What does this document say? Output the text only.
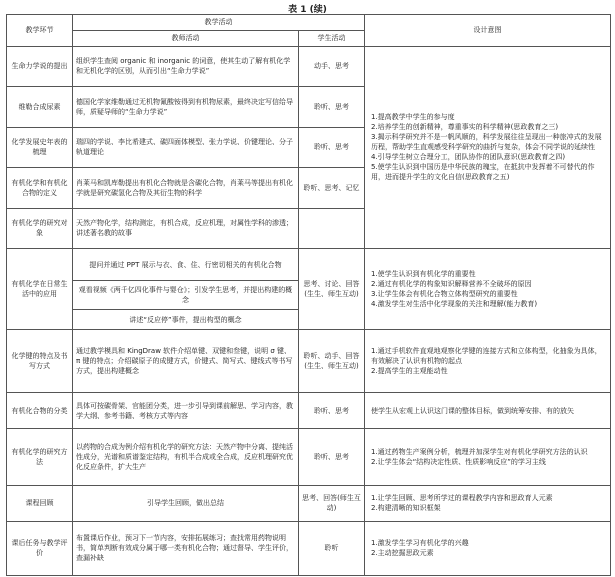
表 1 (续)
教学环节	教学活动		设计意图
	教师活动	学生活动	
生命力学说的提出	组织学生查阅 organic 和 inorganic 的词意，使其生动了解有机化学和无机化学的区别，从而引出“生命力学说”	动手、思考	1.提高教学中学生的参与度
2.培养学生的创新精神，尊重事实的科学精神(思政教育之三)
3.揭示科学研究并不是一帆风顺的，科学发展往往呈现出一种旅冲式的发展历程，帮助学生直观感受科学研究的曲折与复杂，体会不同学说的延续性
4.引导学生树立合理分工，团队协作的团队意识(思政教育之四)
5.使学生认识到中国历是中华民族的瑰宝，在抵抗中发挥着不可替代的作用，进而提升学生的文化自信(思政教育之五)

维勒合成尿素	德国化学家维勒通过无机物氰酸铵得到有机物尿素，最终决定写信给导师，质疑导师的“生命力学说”	聆听、思考	
化学发展史年表的梳理	瑞四的学说、李比希建式、碳四面体模型、张力学说、价键理论、分子轨道理论	聆听、思考	
有机化学和有机化合物的定义	肖莱马和凯库勒提出有机化合物就是含碳化合物，肖莱马等提出有机化学就是研究碳氢化合物及其衍生物的科学	聆听、思考、记忆	
有机化学的研究对象	天然产物化学，结构测定，有机合成，反应机理，对属性学科的渗透；讲述著名教的故事		
有机化学在日常生活中的应用	提问并通过 PPT 展示与衣、食、住、行密切相关的有机化合物	思考、讨论、回答(生生、师生互动)	1.使学生认识到有机化学的重要性
2.通过有机化学的构象知识解释营养不全破坏的原因
3.让学生体会有机化合物立体构型研究的重要性
4.激发学生对生活中化学现象的关注和理解(能力教育)

	观看视频《两千亿四化事件与婴仓》；引发学生思考，并提出构建的概念		
	讲述“反应停”事件，提出构型的概念		
化学键的特点及书写方式	通过教学模具和 KingDraw 软件介绍单键、双键和叁键，说明 σ 键、π 键的特点；介绍碳原子的成键方式，价键式、简写式、键线式等书写方式，提出构建概念	聆听、动手、回答(生生、师生互动)	1.通过手机软件直观地观察化学键的连接方式和立体构型，化抽象为具体，有效解决了认识有机物的起点
2.提高学生的主观能动性
有机化合物的分类	具体可按碳骨架、官能团分类，进一步引导到课前解思、学习内容，教学大纲、参考书籍、考核方式等内容	聆听、思考	使学生从宏观上认识这门课的整体目标，做到统筹安排、有的放矢
有机化学的研究方法	以药物的合成为例介绍有机化学的研究方法：天然产物中分离、提纯活性成分，光谱和质谱鉴定结构，有机半合成或全合成，反应机理研究优化反应条件，扩大生产	聆听、思考	1.通过药物生产案例分析，梳理并加深学生对有机化学研究方法的认识
2.让学生体会“结构决定性质、性质影响反应”的学习主线
课程回顾	引导学生回顾，做出总结	思考、回答(师生互动)	1.让学生回顾、思考所学过的课程教学内容和思政育人元素
2.构建清晰的知识框架
课后任务与教学评价	布置课后作业，预习下一节内容，安排拓展练习；查找常用药物说明书，简单判断有效成分属于哪一类有机化合物；通过督导、学生评价，查漏补缺	聆听	1.激发学生学习有机化学的兴趣
2.主动挖掘思政元素
